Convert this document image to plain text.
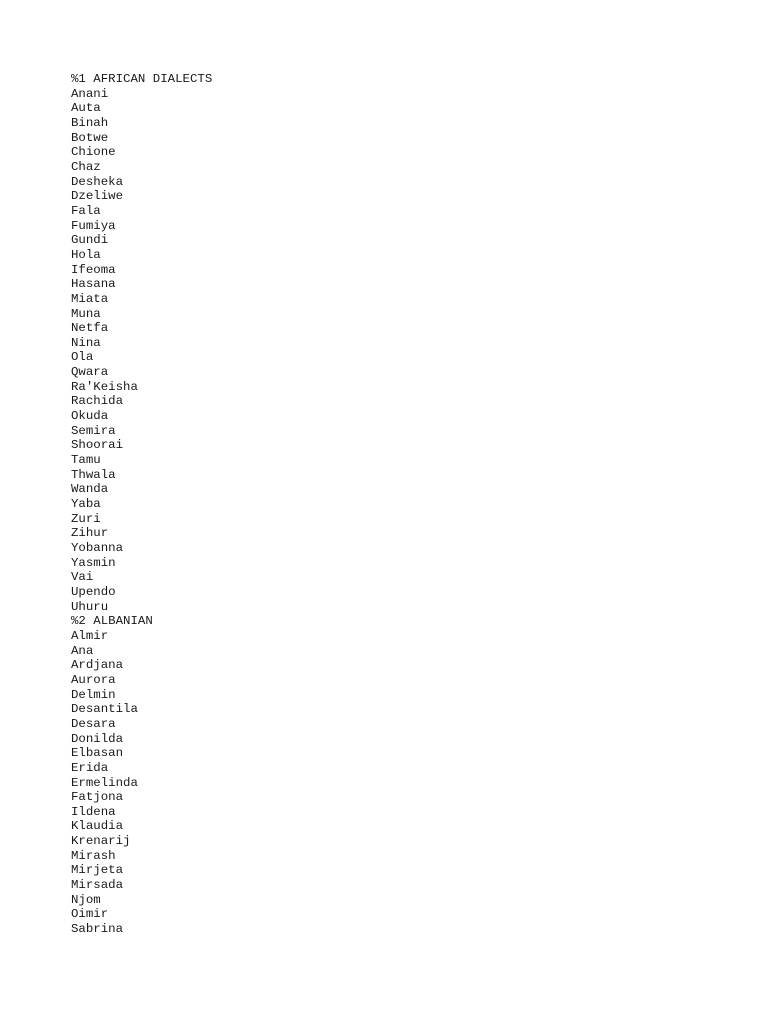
%1 AFRICAN DIALECTS
Anani
Auta
Binah
Botwe
Chione
Chaz
Desheka
Dzeliwe
Fala
Fumiya
Gundi
Hola
Ifeoma
Hasana
Miata
Muna
Netfa
Nina
Ola
Qwara
Ra'Keisha
Rachida
Okuda
Semira
Shoorai
Tamu
Thwala
Wanda
Yaba
Zuri
Zihur
Yobanna
Yasmin
Vai
Upendo
Uhuru
%2 ALBANIAN
Almir
Ana
Ardjana
Aurora
Delmin
Desantila
Desara
Donilda
Elbasan
Erida
Ermelinda
Fatjona
Ildena
Klaudia
Krenarij
Mirash
Mirjeta
Mirsada
Njom
Oimir
Sabrina
